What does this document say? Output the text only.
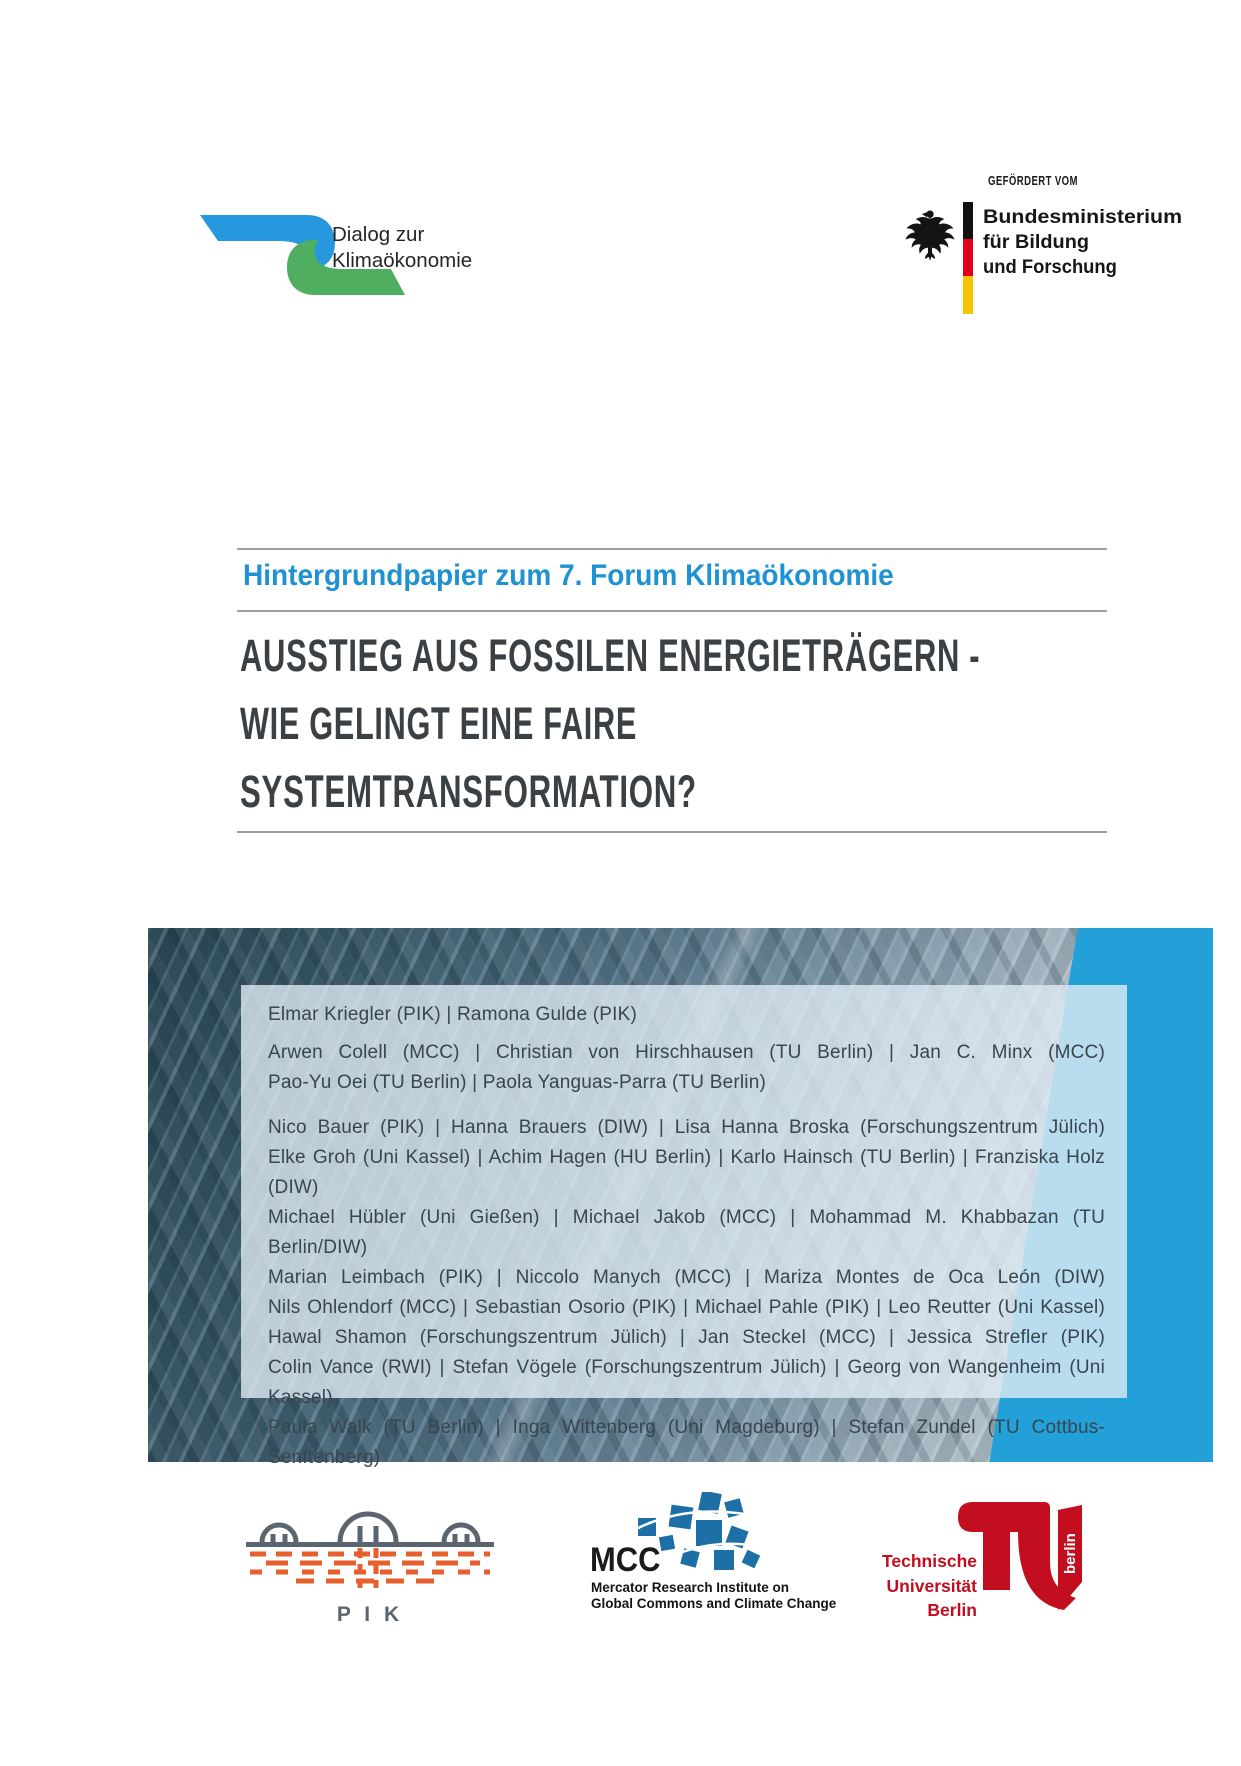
Dialog zur
Klimaökonomie
GEFÖRDERT VOM
Bundesministerium
für Bildung
und Forschung
Hintergrundpapier zum 7. Forum Klimaökonomie
AUSSTIEG AUS FOSSILEN ENERGIETRÄGERN -
WIE GELINGT EINE FAIRE
SYSTEMTRANSFORMATION?
Elmar Kriegler (PIK) | Ramona Gulde (PIK)
Arwen Colell (MCC) | Christian von Hirschhausen (TU Berlin) | Jan C. Minx (MCC)
Pao-Yu Oei (TU Berlin) | Paola Yanguas-Parra (TU Berlin)
Nico Bauer (PIK) | Hanna Brauers (DIW) | Lisa Hanna Broska (Forschungszentrum Jülich)
Elke Groh (Uni Kassel) | Achim Hagen (HU Berlin) | Karlo Hainsch (TU Berlin) | Franziska Holz (DIW)
Michael Hübler (Uni Gießen) | Michael Jakob (MCC) | Mohammad M. Khabbazan (TU Berlin/DIW)
Marian Leimbach (PIK) | Niccolo Manych (MCC) | Mariza Montes de Oca León (DIW)
Nils Ohlendorf (MCC) | Sebastian Osorio (PIK) | Michael Pahle (PIK) | Leo Reutter (Uni Kassel)
Hawal Shamon (Forschungszentrum Jülich) | Jan Steckel (MCC) | Jessica Strefler (PIK)
Colin Vance (RWI) | Stefan Vögele (Forschungszentrum Jülich) | Georg von Wangenheim (Uni Kassel)
Paula Walk (TU Berlin) | Inga Wittenberg (Uni Magdeburg) | Stefan Zundel (TU Cottbus-Senftenberg)
P I K
MCC
Mercator Research Institute on
Global Commons and Climate Change
Technische
Universität
Berlin
berlin
